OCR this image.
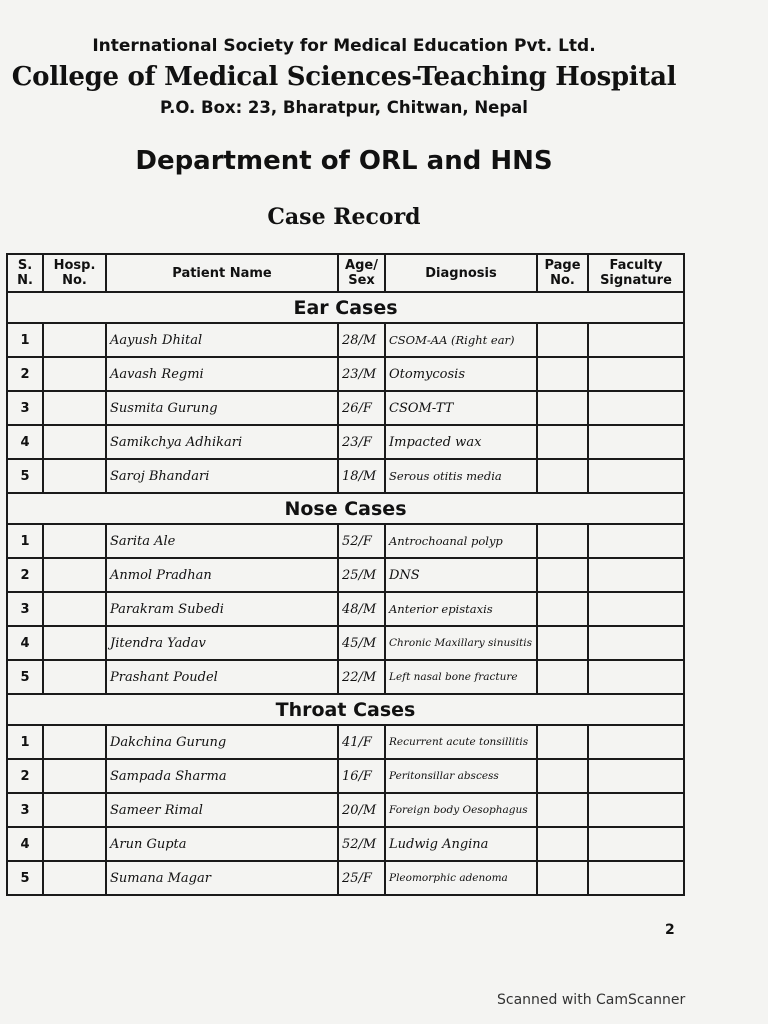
International Society for Medical Education Pvt. Ltd.
College of Medical Sciences-Teaching Hospital
P.O. Box: 23, Bharatpur, Chitwan, Nepal
Department of ORL and HNS
Case Record
S. N.	Hosp. No.	Patient Name	Age/ Sex	Diagnosis	Page No.	Faculty Signature
Ear Cases						
1		Aayush Dhital	28/M	CSOM-AA (Right ear)		
2		Aavash Regmi	23/M	Otomycosis		
3		Susmita Gurung	26/F	CSOM-TT		
4		Samikchya Adhikari	23/F	Impacted wax		
5		Saroj Bhandari	18/M	Serous otitis media		
Nose Cases						
1		Sarita Ale	52/F	Antrochoanal polyp		
2		Anmol Pradhan	25/M	DNS		
3		Parakram Subedi	48/M	Anterior epistaxis		
4		Jitendra Yadav	45/M	Chronic Maxillary sinusitis		
5		Prashant Poudel	22/M	Left nasal bone fracture		
Throat Cases						
1		Dakchina Gurung	41/F	Recurrent acute tonsillitis		
2		Sampada Sharma	16/F	Peritonsillar abscess		
3		Sameer Rimal	20/M	Foreign body Oesophagus		
4		Arun Gupta	52/M	Ludwig Angina		
5		Sumana Magar	25/F	Pleomorphic adenoma		
2
Scanned with CamScanner
